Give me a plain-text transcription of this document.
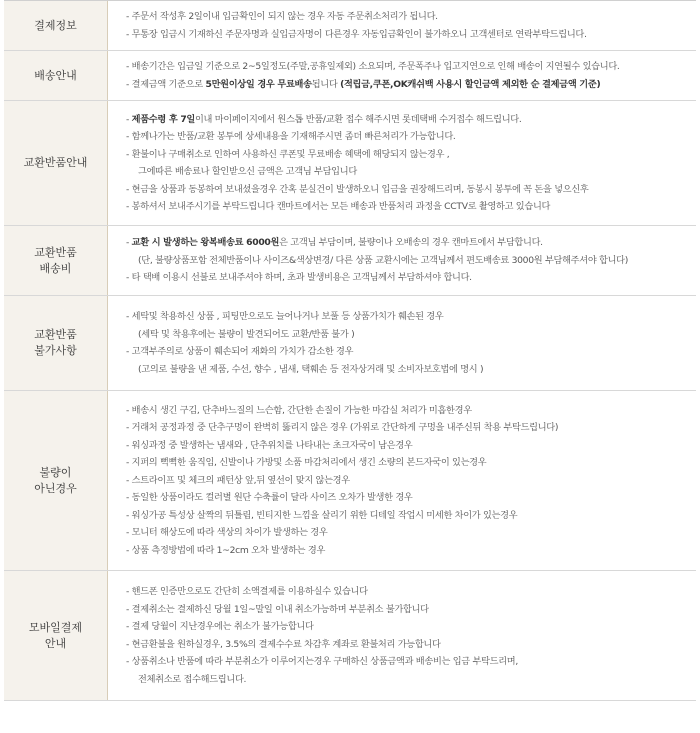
결제정보
- 주문서 작성후 2일이내 입금확인이 되지 않는 경우 자동 주문취소처리가 됩니다.
- 무통장 입금시 기재하신 주문자명과 실입금자명이 다른경우 자동입금확인이 불가하오니 고객센터로 연락부탁드립니다.
배송안내
- 배송기간은 입금일 기준으로 2~5일정도(주말,공휴일제외) 소요되며, 주문폭주나 입고지연으로 인해 배송이 지연될수 있습니다.
- 결제금액 기준으로 5만원이상일 경우 무료배송됩니다 (적립금,쿠폰,OK캐쉬백 사용시 할인금액 제외한 순 결제금액 기준)
교환반품안내
- 제품수령 후 7일이내 마이페이지에서 원스톱 반품/교환 접수 해주시면 롯데택배 수거접수 해드립니다.
- 함께나가는 반품/교환 봉투에 상세내용을 기재해주시면 좀더 빠른처리가 가능합니다.
- 환불이나 구매취소로 인하여 사용하신 쿠폰및 무료배송 혜택에 해당되지 않는경우 ,
그에따른 배송료나 할인받으신 금액은 고객님 부담입니다
- 현금을 상품과 동봉하여 보내셨을경우 간혹 분실건이 발생하오니 입금을 권장해드리며, 동봉시 봉투에 꼭 돈을 넣으신후
- 봉하셔서 보내주시기를 부탁드립니다 캔마트에서는 모든 배송과 반품처리 과정을 CCTV로 촬영하고 있습니다
교환반품
배송비
- 교환 시 발생하는 왕복배송료 6000원은 고객님 부담이며, 불량이나 오배송의 경우 캔마트에서 부담합니다.
(단, 불량상품포함 전체반품이나 사이즈&색상변경/ 다른 상품 교환시에는 고객님께서 편도배송료 3000원 부담해주셔야 합니다)
- 타 택배 이용시 선불로 보내주셔야 하며, 초과 발생비용은 고객님께서 부담하셔야 합니다.
교환반품
불가사항
- 세탁및 착용하신 상품 , 피팅만으로도 늘어나거나 보풀 등 상품가치가 훼손된 경우
(세탁 및 착용후에는 불량이 발견되어도 교환/반품 불가 )
- 고객부주의로 상품이 훼손되어 재화의 가치가 감소한 경우
(고의로 불량을 낸 제품, 수선, 향수 , 냄새, 택훼손 등 전자상거래 및 소비자보호법에 명시 )
불량이
아닌경우
- 배송시 생긴 구김, 단추바느질의 느슨함, 간단한 손질이 가능한 마감실 처리가 미흡한경우
- 거래처 공정과정 중 단추구멍이 완벽히 뚫리지 않은 경우 (가위로 간단하게 구멍을 내주신뒤 착용 부탁드립니다)
- 워싱과정 중 발생하는 냄새와 , 단추위치를 나타내는 초크자국이 남은경우
- 지퍼의 뻑뻑한 움직임, 신발이나 가방및 소품 마감처리에서 생긴 소량의 본드자국이 있는경우
- 스트라이프 및 체크의 패턴상 앞,뒤 옆선이 맞지 않는경우
- 동일한 상품이라도 컬러별 원단 수축률이 달라 사이즈 오차가 발생한 경우
- 워싱가공 특성상 살짝의 뒤틀림, 빈티지한 느낌을 살리기 위한 디테일 작업시 미세한 차이가 있는경우
- 모니터 해상도에 따라 색상의 차이가 발생하는 경우
- 상품 측정방법에 따라 1~2cm 오차 발생하는 경우
모바일결제
안내
- 핸드폰 인증만으로도 간단히 소액결제를 이용하실수 있습니다
- 결제취소는 결제하신 당월 1일~말일 이내 취소가능하며 부분취소 불가합니다
- 결제 당월이 지난경우에는 취소가 불가능합니다
- 현금환불을 원하실경우, 3.5%의 결제수수료 차감후 계좌로 환불처리 가능합니다
- 상품취소나 반품에 따라 부분취소가 이루어지는경우 구매하신 상품금액과 배송비는 입금 부탁드리며,
전체취소로 접수해드립니다.
